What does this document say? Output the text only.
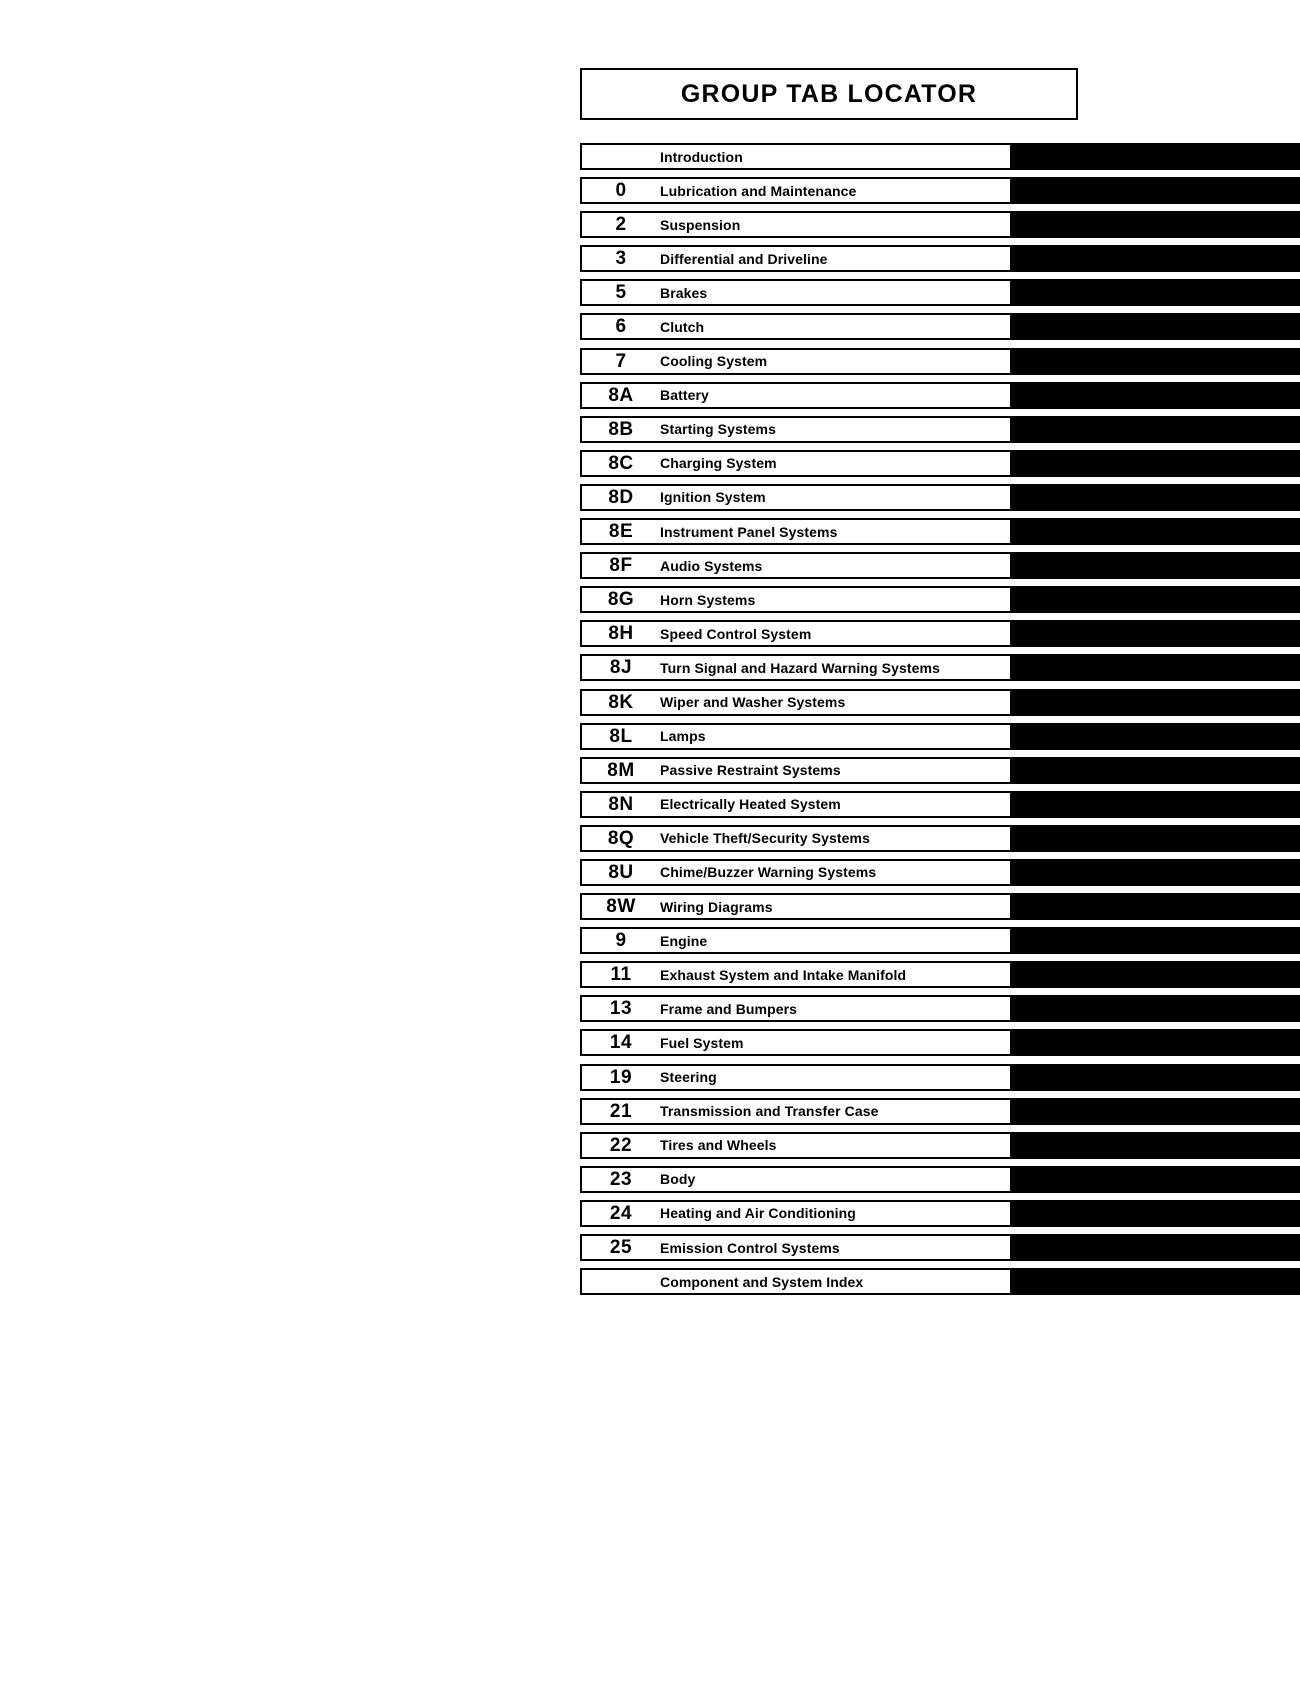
GROUP TAB LOCATOR
Introduction
0	Lubrication and Maintenance
2	Suspension
3	Differential and Driveline
5	Brakes
6	Clutch
7	Cooling System
8A	Battery
8B	Starting Systems
8C	Charging System
8D	Ignition System
8E	Instrument Panel Systems
8F	Audio Systems
8G	Horn Systems
8H	Speed Control System
8J	Turn Signal and Hazard Warning Systems
8K	Wiper and Washer Systems
8L	Lamps
8M	Passive Restraint Systems
8N	Electrically Heated System
8Q	Vehicle Theft/Security Systems
8U	Chime/Buzzer Warning Systems
8W	Wiring Diagrams
9	Engine
11	Exhaust System and Intake Manifold
13	Frame and Bumpers
14	Fuel System
19	Steering
21	Transmission and Transfer Case
22	Tires and Wheels
23	Body
24	Heating and Air Conditioning
25	Emission Control Systems
Component and System Index
